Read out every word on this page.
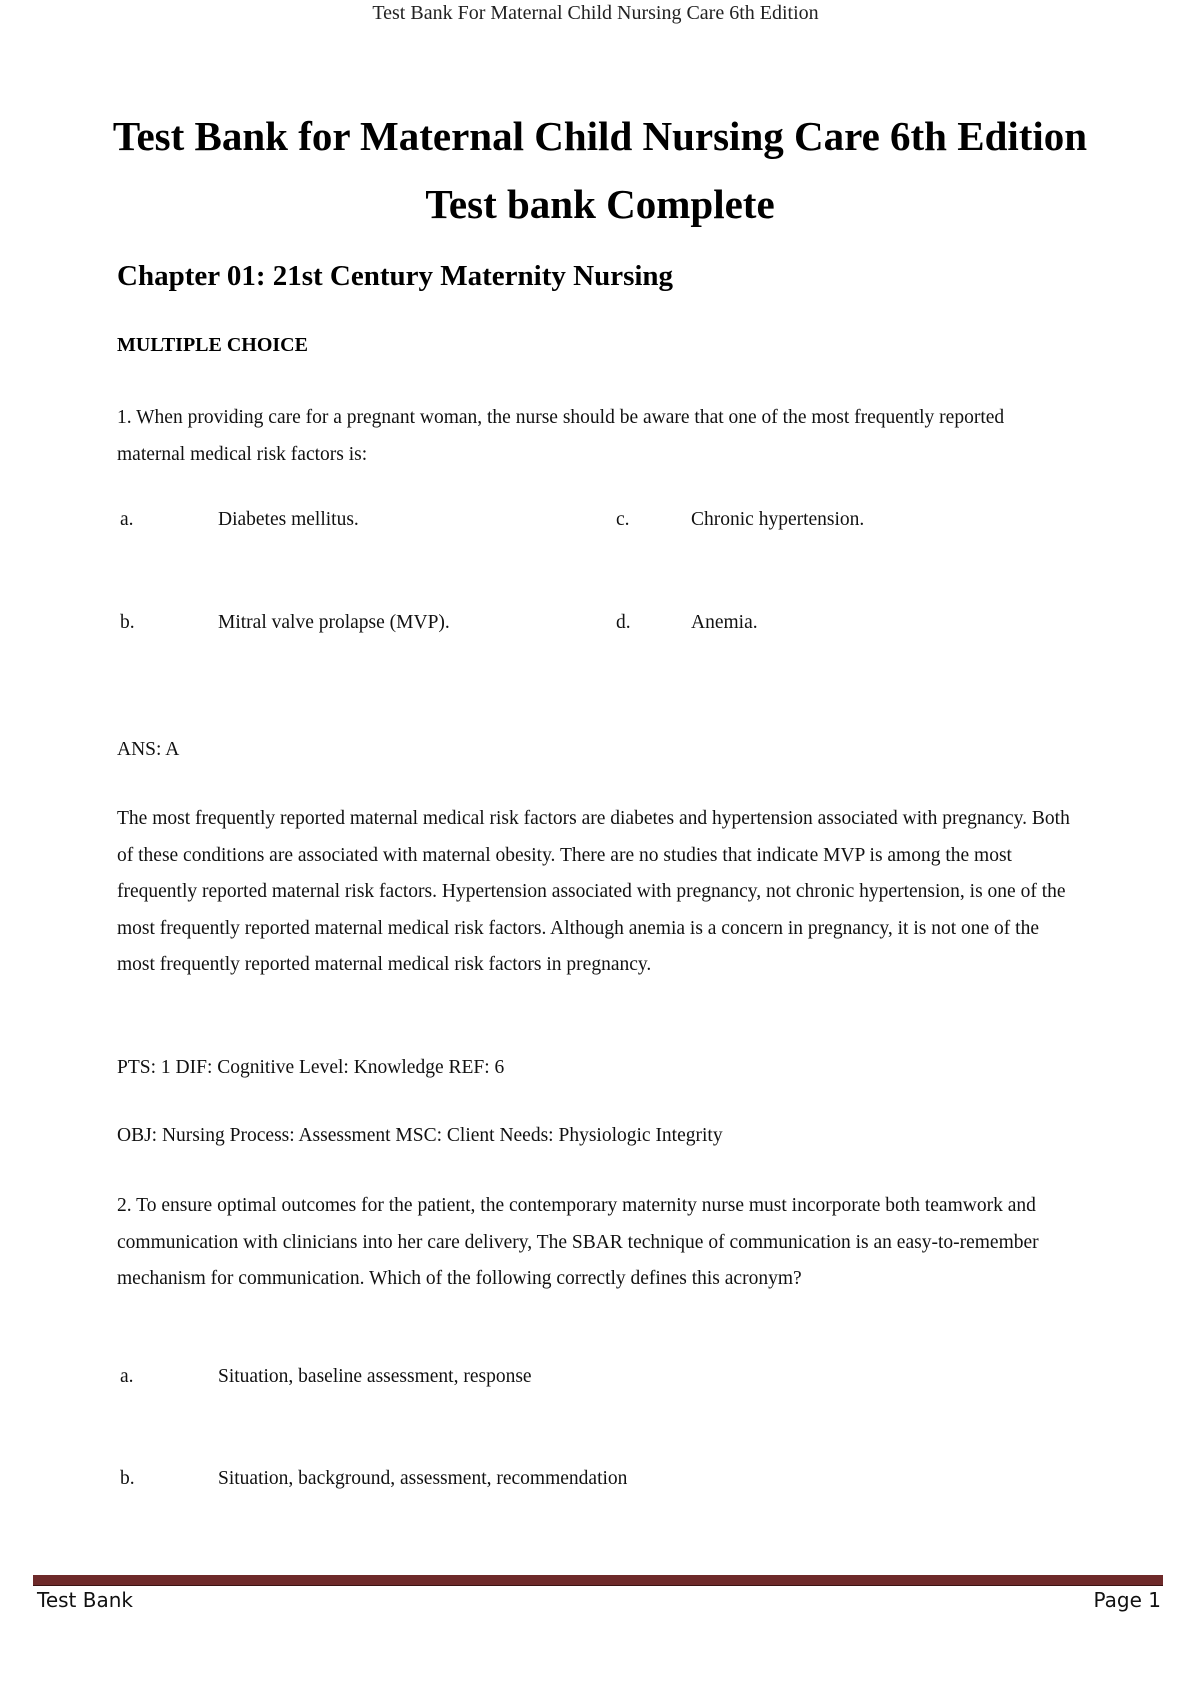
Test Bank For Maternal Child Nursing Care 6th Edition
Test Bank for Maternal Child Nursing Care 6th Edition
Test bank Complete
Chapter 01: 21st Century Maternity Nursing
MULTIPLE CHOICE

1. When providing care for a pregnant woman, the nurse should be aware that one of the most frequently reported maternal medical risk factors is:

a.	Diabetes mellitus.	c.	Chronic hypertension.
b.	Mitral valve prolapse (MVP).	d.	Anemia.

ANS: A

The most frequently reported maternal medical risk factors are diabetes and hypertension associated with pregnancy. Both of these conditions are associated with maternal obesity. There are no studies that indicate MVP is among the most frequently reported maternal risk factors. Hypertension associated with pregnancy, not chronic hypertension, is one of the most frequently reported maternal medical risk factors. Although anemia is a concern in pregnancy, it is not one of the most frequently reported maternal medical risk factors in pregnancy.

PTS: 1 DIF: Cognitive Level: Knowledge REF: 6

OBJ: Nursing Process: Assessment MSC: Client Needs: Physiologic Integrity

2. To ensure optimal outcomes for the patient, the contemporary maternity nurse must incorporate both teamwork and communication with clinicians into her care delivery, The SBAR technique of communication is an easy-to-remember mechanism for communication. Which of the following correctly defines this acronym?

a.	Situation, baseline assessment, response
b.	Situation, background, assessment, recommendation
Test Bank	Page 1
